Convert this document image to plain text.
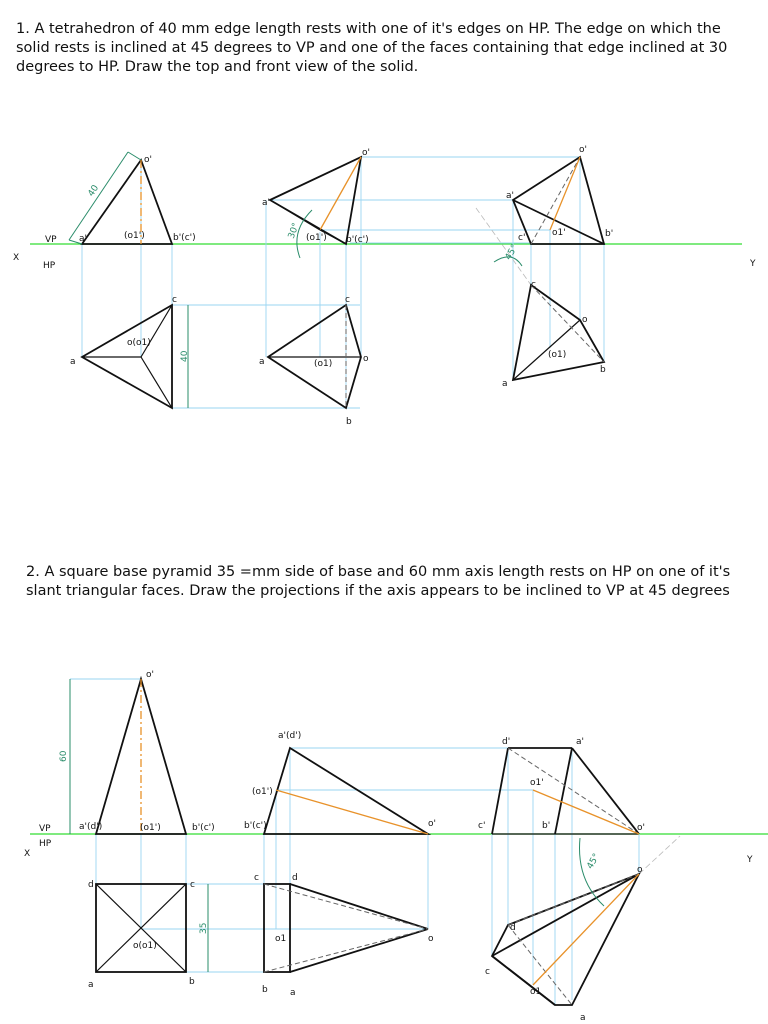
1. A tetrahedron of 40 mm edge length rests with one of it's edges on HP. The edge on which the solid rests is inclined at 45 degrees to VP and one of the faces containing that edge inclined at 30 degrees to HP. Draw the top and front view of the solid.
2. A square base pyramid 35 =mm side of base and 60 mm axis length rests on HP on one of it's slant triangular faces. Draw the projections if the axis appears to be inclined to VP at 45 degrees
X
Y
VP
HP
40
o'
a'	(o1')	b'(c')
40
c
a
o(o1)
30°
o'
a'
(o1') b'(c')
c
a	(o1)	o
b
45°
o'
a'
c'	o1'	b'
c
o
(o1)
a
b
X
Y
VP
HP
60
o'
a'(d')	(o1')	b'(c')
35
d	c
o(o1)
a	b
a'(d')
(o1')
b'(c')	o'
c	d
o1	o
b a
d'	a'
o1'
c'	b'	o'
45°	o
d
c
o1
a
